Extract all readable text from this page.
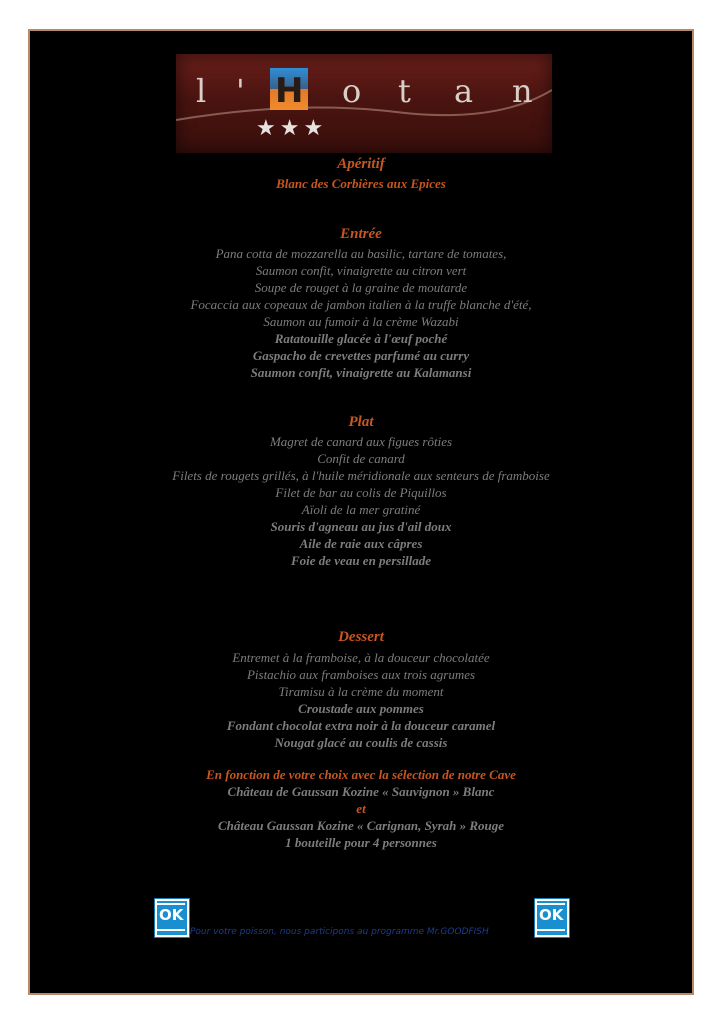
l '	o t a n
H
★★★
Apéritif
Blanc des Corbières aux Epices
Entrée
Pana cotta de mozzarella au basilic, tartare de tomates,
Saumon confit, vinaigrette au citron vert
Soupe de rouget à la graine de moutarde
Focaccia aux copeaux de jambon italien à la truffe blanche d'été,
Saumon au fumoir à la crème Wazabi
Ratatouille glacée à l'œuf poché
Gaspacho de crevettes parfumé au curry
Saumon confit, vinaigrette au Kalamansi
Plat
Magret de canard aux figues rôties
Confit de canard
Filets de rougets grillés, à l'huile méridionale aux senteurs de framboise
Filet de bar au colis de Piquillos
Aïoli de la mer gratiné
Souris d'agneau au jus d'ail doux
Aile de raie aux câpres
Foie de veau en persillade
Dessert
Entremet à la framboise, à la douceur chocolatée
Pistachio aux framboises aux trois agrumes
Tiramisu à la crème du moment
Croustade aux pommes
Fondant chocolat extra noir à la douceur caramel
Nougat glacé au coulis de cassis
En fonction de votre choix avec la sélection de notre Cave
Château de Gaussan Kozine « Sauvignon » Blanc
et
Château Gaussan Kozine « Carignan, Syrah » Rouge
1 bouteille pour 4 personnes
OK
Pour votre poisson, nous participons au programme Mr.GOODFISH
OK
